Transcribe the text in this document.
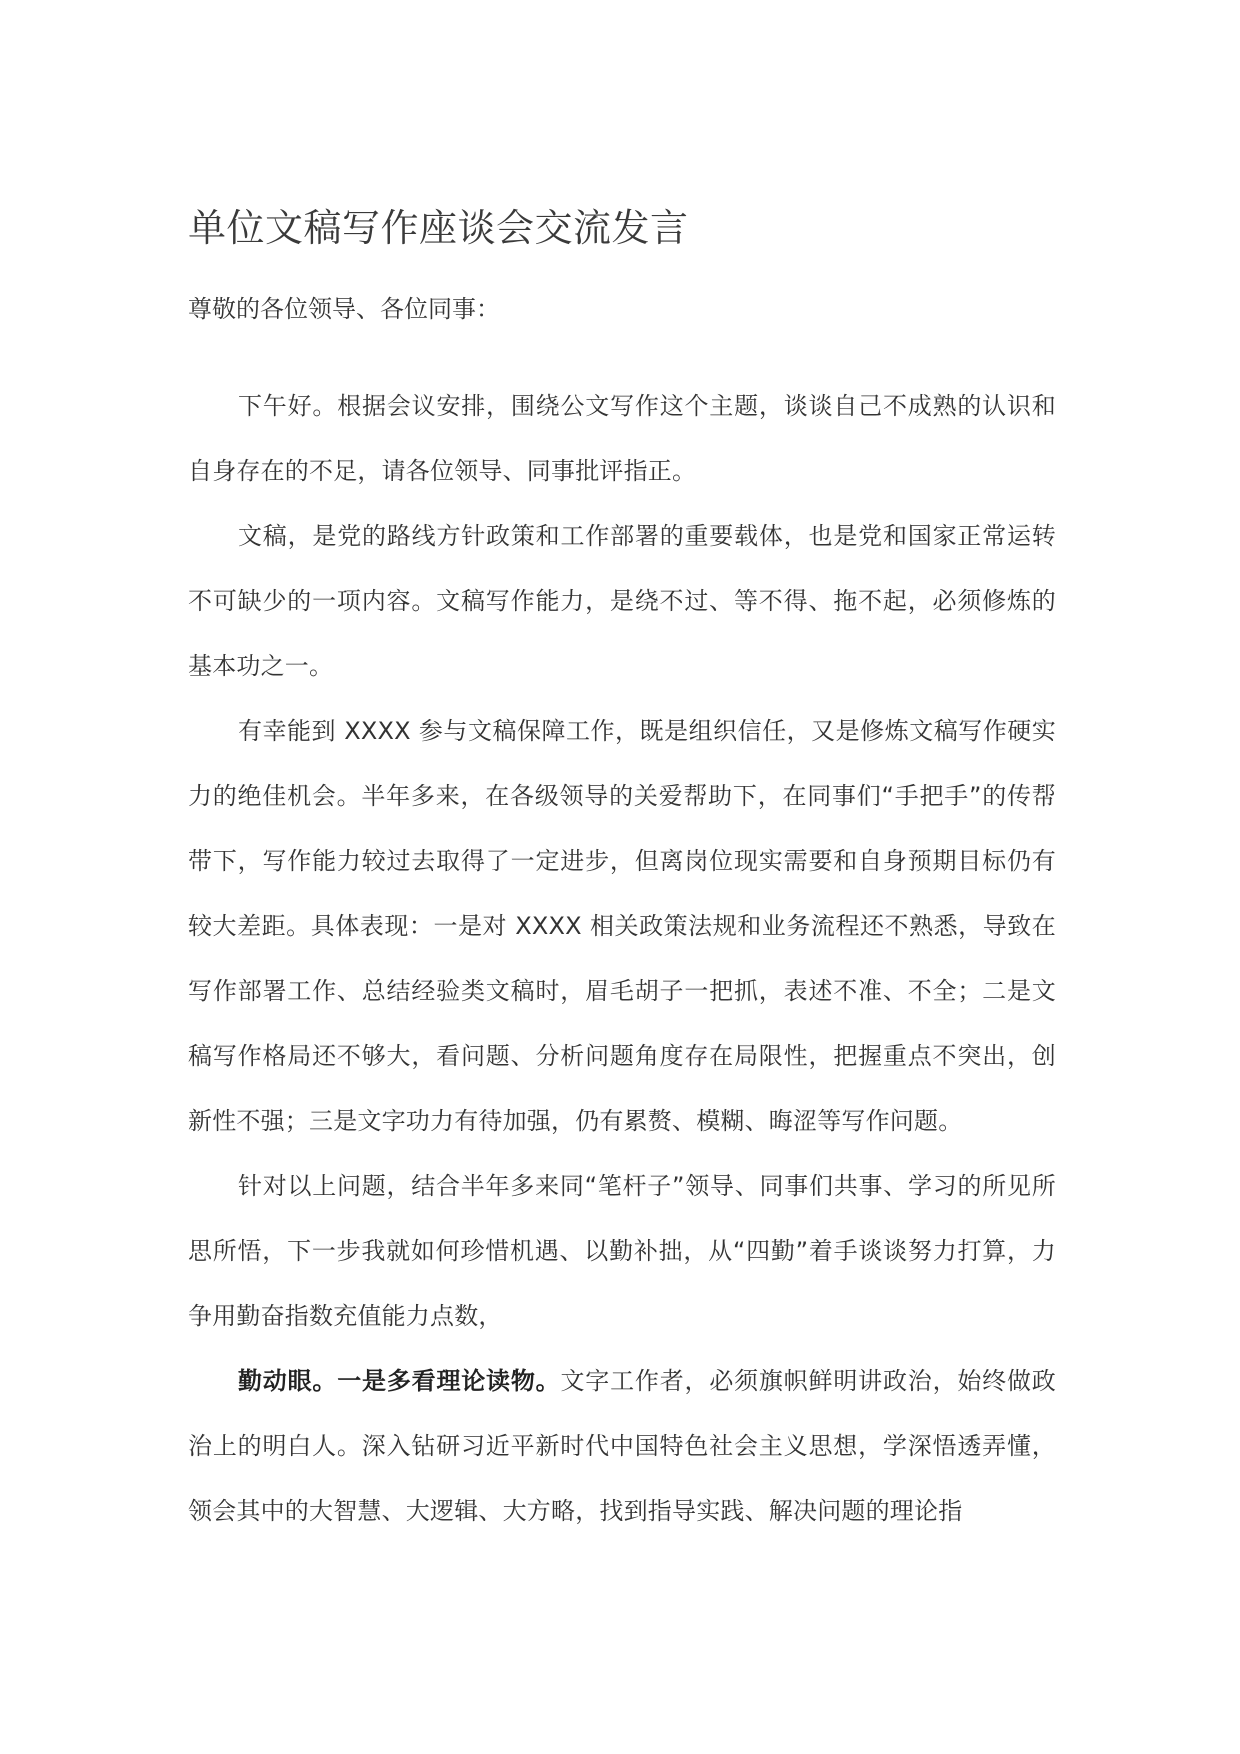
单位文稿写作座谈会交流发言

尊敬的各位领导、各位同事：

下午好。根据会议安排，围绕公文写作这个主题，谈谈自己不成熟的认识和自身存在的不足，请各位领导、同事批评指正。

文稿，是党的路线方针政策和工作部署的重要载体，也是党和国家正常运转不可缺少的一项内容。文稿写作能力，是绕不过、等不得、拖不起，必须修炼的基本功之一。

有幸能到 XXXX 参与文稿保障工作，既是组织信任，又是修炼文稿写作硬实力的绝佳机会。半年多来，在各级领导的关爱帮助下，在同事们“手把手”的传帮带下，写作能力较过去取得了一定进步，但离岗位现实需要和自身预期目标仍有较大差距。具体表现：一是对 XXXX 相关政策法规和业务流程还不熟悉，导致在写作部署工作、总结经验类文稿时，眉毛胡子一把抓，表述不准、不全；二是文稿写作格局还不够大，看问题、分析问题角度存在局限性，把握重点不突出，创新性不强；三是文字功力有待加强，仍有累赘、模糊、晦涩等写作问题。

针对以上问题，结合半年多来同“笔杆子”领导、同事们共事、学习的所见所思所悟，下一步我就如何珍惜机遇、以勤补拙，从“四勤”着手谈谈努力打算，力争用勤奋指数充值能力点数，

勤动眼。一是多看理论读物。文字工作者，必须旗帜鲜明讲政治，始终做政治上的明白人。深入钻研习近平新时代中国特色社会主义思想，学深悟透弄懂，领会其中的大智慧、大逻辑、大方略，找到指导实践、解决问题的理论指
